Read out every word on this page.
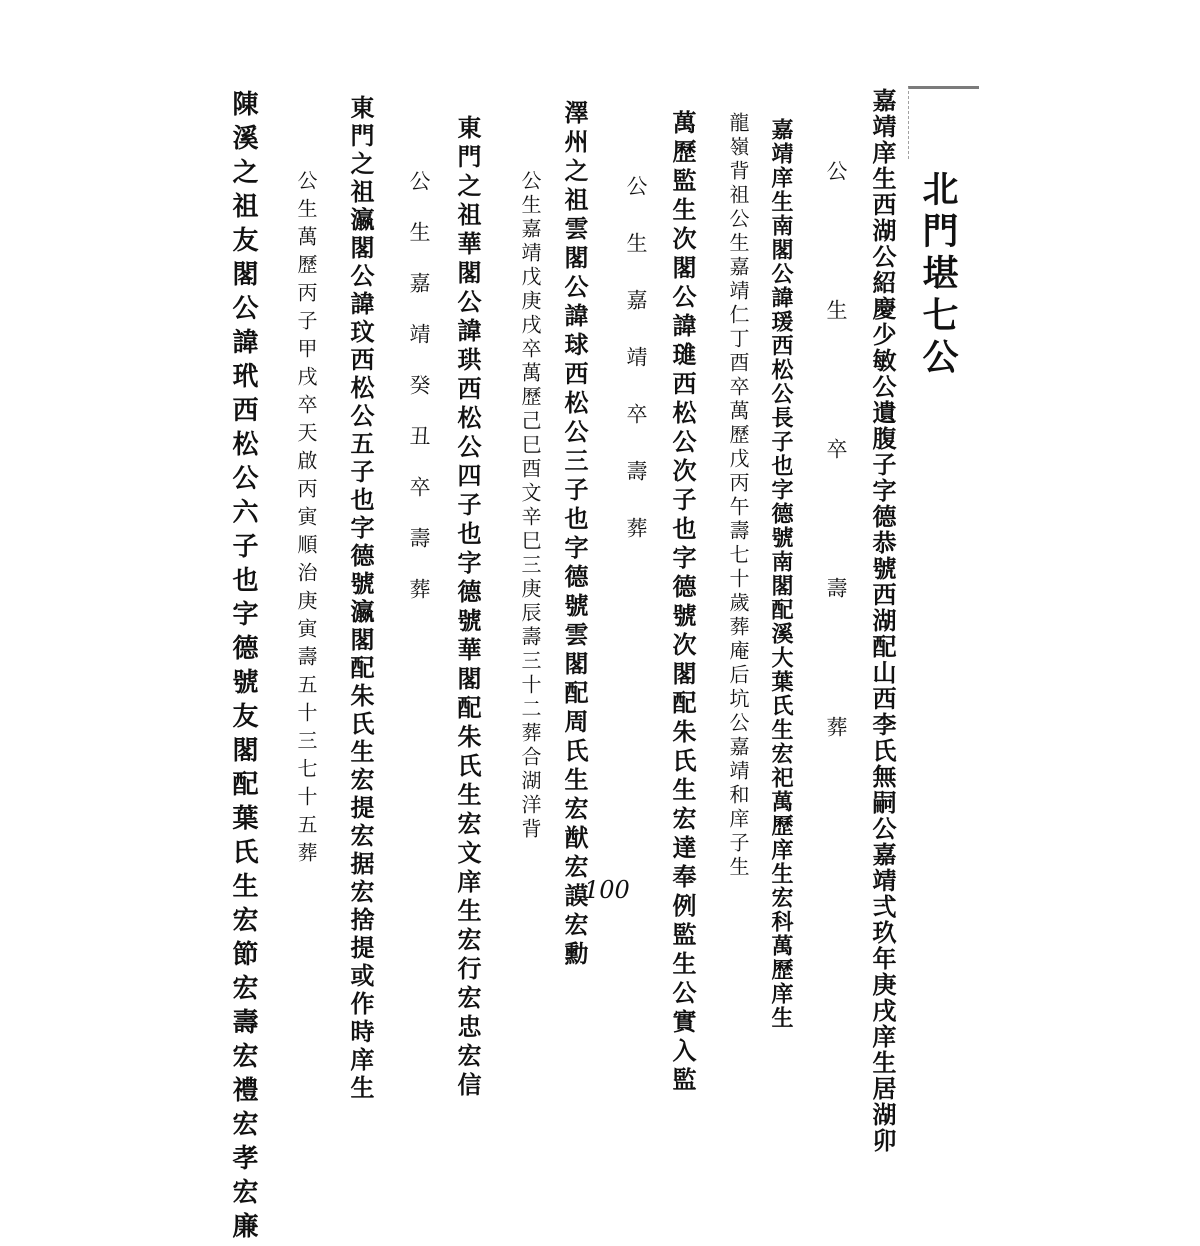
北門堪七公
嘉靖庠生西湖公紹慶少敏公遺腹子字德恭號西湖配山西李氏無嗣公嘉靖弍玖年庚戌庠生居湖卯
公生卒壽葬
嘉靖庠生南閣公諱瑗西松公長子也字德號南閣配溪大葉氏生宏祀萬歷庠生宏科萬歷庠生
龍嶺背祖公生嘉靖仁丁酉卒萬歷戊丙午壽七十歲葬庵后坑公嘉靖和庠子生
萬歷監生次閣公諱璡西松公次子也字德號次閣配朱氏生宏達奉例監生公實入監
公生嘉靖卒壽葬
澤州之祖雲閣公諱球西松公三子也字德號雲閣配周氏生宏猷宏謨宏勳
公生嘉靖戊庚戌卒萬歷己巳酉文辛巳三庚辰壽三十二葬合湖洋背
東門之祖華閣公諱珙西松公四子也字德號華閣配朱氏生宏文庠生宏行宏忠宏信
公生嘉靖癸丑卒壽葬
東門之祖瀛閣公諱玟西松公五子也字德號瀛閣配朱氏生宏提宏据宏捨提或作時庠生
公生萬歷丙子甲戌卒天啟丙寅順治庚寅壽五十三七十五葬
陳溪之祖友閣公諱玳西松公六子也字德號友閣配葉氏生宏節宏壽宏禮宏孝宏廉	100
